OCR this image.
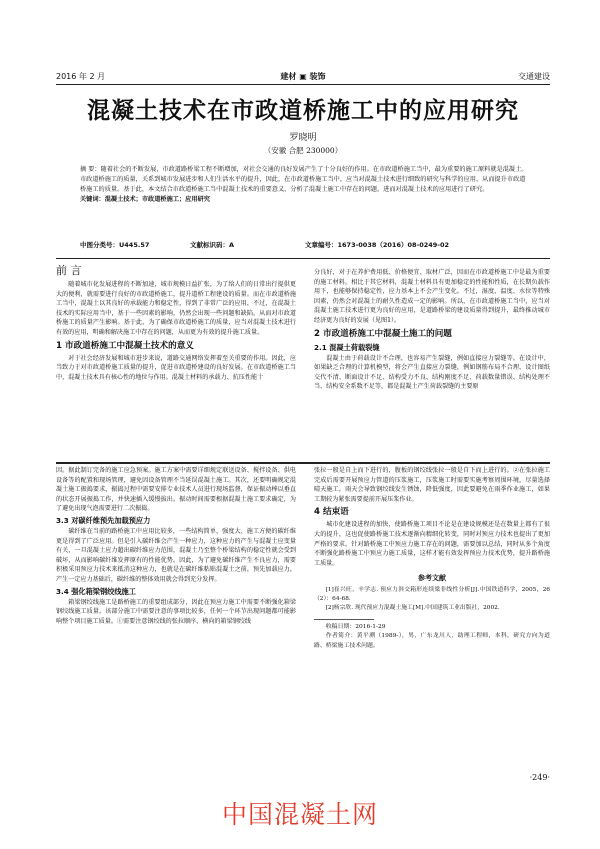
2016 年 2 月	建材 ▣ 装饰	交通建设
混凝土技术在市政道桥施工中的应用研究
罗晓明
（安徽 合肥 230000）
摘 要：随着社会的不断发展，市政道路桥梁工程不断增加，对社会交通的良好发展产生了十分良好的作用。在市政道桥施工当中，最为重要的施工原料就是混凝土。市政道桥施工的质量，关系到城市发展进步和人们生活水平的提升，因此，在市政道桥施工当中，应当对混凝土技术进行细致的研究与科学的应用，从而提升市政道桥施工的质量。基于此，本文结合市政道桥施工当中混凝土技术的重要意义，分析了混凝土施工中存在的问题，进而对混凝土技术的应用进行了研究。
关键词：混凝土技术；市政道桥施工；应用研究
中图分类号：U445.57	文献标识码：A	文章编号：1673-0038（2016）08-0249-02
前 言

随着城市化发展进程的不断加速，城市规模日益扩张，为了给人们的日常出行提供更大的便利，就需要进行良好的市政道桥施工，提升道桥工程建设的质量。而在市政道桥施工当中，混凝土以其良好的承载能力和稳定性，得到了非常广泛的应用，不过，在混凝土技术的实际应用当中，基于一些因素的影响，仍然会出现一些问题和缺陷，从而对市政道桥施工的质量产生影响。基于此，为了确保市政道桥施工的质量，应当对混凝土技术进行有效的应用，明确和解决施工中存在的问题，从而更为有效的提升施工质量。

1 市政道桥施工中混凝土技术的意义

对于社会经济发展和城市进步来说，道路交通网络发挥着至关重要的作用。因此，应当致力于对市政道桥施工质量的提升，促进市政道桥建设的良好发展。在市政道桥施工当中，混凝土技术具有核心性的地位与作用。混凝土材料的承载力、抗压性能十

分良好，对于在养护费用低、价格便宜、取材广泛，因而在市政道桥施工中是最为重要的施工材料。相比于其它材料，混凝土材料具有更加稳定的性能和性质，在长期负载作用下，也能够保持稳定性，应力基本上不会产生变化。不过，湿度、温度、水位等特殊因素，仍然会对混凝土的耐久性造成一定的影响。所以，在市政道桥施工当中，应当对混凝土施工技术进行更为良好的应用，是道路桥梁的建设质量得到提升，最终推动城市经济更为良好的发展（见图1）。

2 市政道桥施工中混凝土施工的问题
2.1 混凝土荷载裂缝

混凝土由于荷载设计不合理，也容易产生裂缝，例如直接应力裂缝等。在设计中，如果缺乏合理的计算机模型，将会产生直接应力裂缝，例如钢筋布局不合理、设计图纸交代不清、断面设计不足、结构受力不良、结构刚度不足、荷载数量错误、结构处理不当、结构安全系数不足等，都是混凝土产生荷载裂缝的主要原

因。据此制订完备的施工应急预案。施工方案中需要详细规定联送设备、搅拌设备、供电设备等的配置和现场管理，避免因设备管理不当延误混凝土施工。其次，还要明确规定混凝土施工振捣要求，振捣过程中需要安排专业技术人员进行现场监督，保证振动棒以垂直的状态开展振捣工作，并快速插入缓慢拔出。振动时间需要根据混凝土施工要求确定，为了避免出现气泡需要进行二次振捣。

3.3 对碳纤维预先加载预应力

碳纤维在当前的路桥施工中应用比较多，一些结构简单、强度大、施工方便的碳纤维更是得到了广泛应用。但是引入碳纤维会产生一种应力，这种应力的产生与混凝土应变量有关，一旦混凝土应力超出碳纤维应力范围，混凝土乃至整个桥梁结构的稳定性就会受到破坏，从而影响碳纤维发挥原有的性能优势。因此，为了避免碳纤维产生不良应力，需要积极采用预应力技术来抵消这种应力，也就是在碳纤维粘贴混凝土之前，预先加载应力，产生一定应力基础后，碳纤维的整体效用就会得到充分发挥。

3.4 强化箱梁钢绞线施工

箱梁钢绞线施工是路桥施工的重要组成部分，因此在预应力施工中需要不断强化箱梁钢绞线施工质量。该部分施工中需要注意的事项比较多，任何一个环节出现问题都可能影响整个项目施工质量。①需要注意钢绞线的张拉顺序，横向的箱梁钢绞线

张拉一般是自上而下进行的，腹板的钢绞线张拉一般是自下而上进行的。②在张拉施工完成后需要开展预应力管道的压浆施工，压浆施工时需要实施考察周围环境，尽量选择晴天施工，雨天会导致钢绞线发生锈蚀，降低强度，因此要避免在雨季作业施工，如果工期较为紧张需要提前开展压浆作业。

4 结束语

城市化建设进程的加快，使路桥施工项目不论是在建设规模还是在数量上都有了很大的提升，这也促使路桥施工技术逐渐向精细化转变，同时对预应力技术也提出了更加严格的要求。针对路桥施工中预应力施工存在的问题，需要加以总结，同时从多个角度不断强化路桥施工中预应力施工质量，这样才能有效发挥预应力技术优势，提升路桥施工质量。

参考文献

[1]崔兴旺，辛学志. 预应力斜交箱形连续梁非线性分析[J].中国铁道科学，2005，26（2）：64-68.

[2]杨宗欣. 现代预应力混凝土施工[M].中国建筑工业出版社，2002.

收稿日期：2016-1-29

作者简介：黄平溯（1989-），男，广东龙川人，助理工程师，本科，研究方向为道路、桥梁施工技术问题。

·249·
中国混凝土网
